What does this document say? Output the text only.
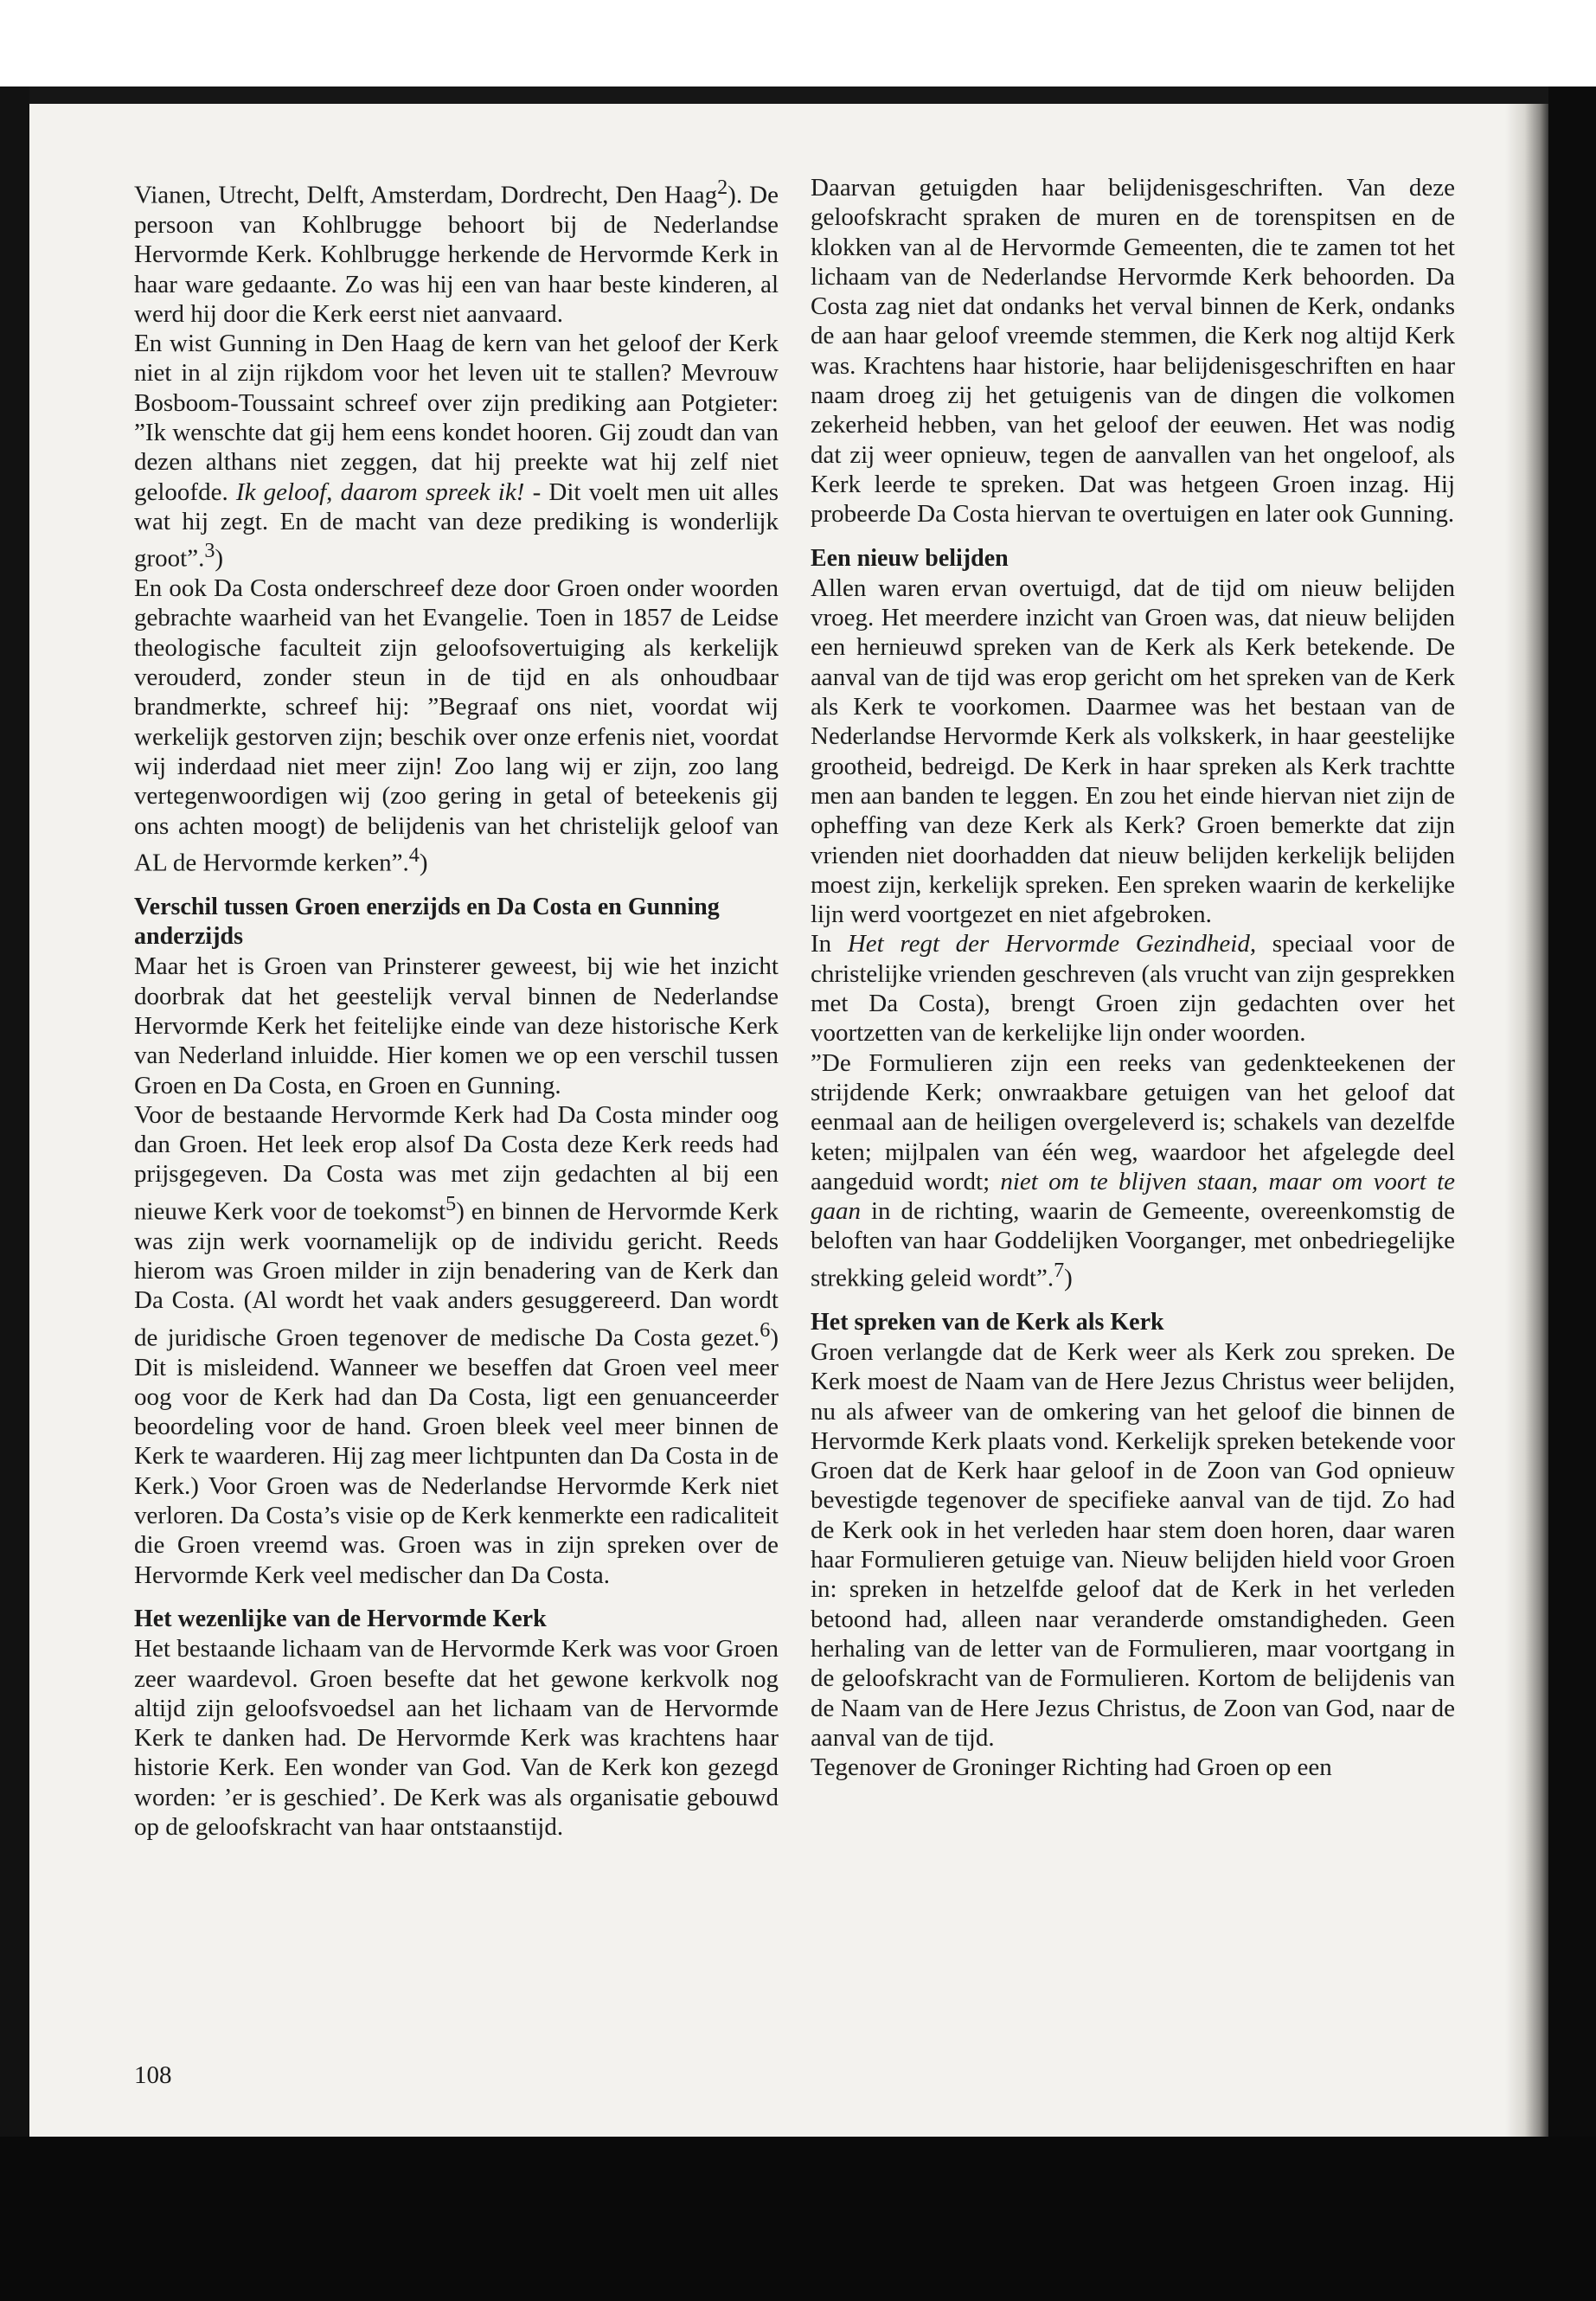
Vianen, Utrecht, Delft, Amsterdam, Dordrecht, Den Haag$^2$). De persoon van Kohlbrugge behoort bij de Nederlandse Hervormde Kerk. Kohlbrugge herkende de Hervormde Kerk in haar ware gedaante. Zo was hij een van haar beste kinderen, al werd hij door die Kerk eerst niet aanvaard.

En wist Gunning in Den Haag de kern van het geloof der Kerk niet in al zijn rijkdom voor het leven uit te stallen? Mevrouw Bosboom-Toussaint schreef over zijn prediking aan Potgieter: ”Ik wenschte dat gij hem eens kondet hooren. Gij zoudt dan van dezen althans niet zeggen, dat hij preekte wat hij zelf niet geloofde. Ik geloof, daarom spreek ik! - Dit voelt men uit alles wat hij zegt. En de macht van deze prediking is wonderlijk groot”.$^3$)

En ook Da Costa onderschreef deze door Groen onder woorden gebrachte waarheid van het Evangelie. Toen in 1857 de Leidse theologische faculteit zijn geloofsovertuiging als kerkelijk verouderd, zonder steun in de tijd en als onhoudbaar brandmerkte, schreef hij: ”Begraaf ons niet, voordat wij werkelijk gestorven zijn; beschik over onze erfenis niet, voordat wij inderdaad niet meer zijn! Zoo lang wij er zijn, zoo lang vertegenwoordigen wij (zoo gering in getal of beteekenis gij ons achten moogt) de belijdenis van het christelijk geloof van AL de Hervormde kerken”.$^4$)

Verschil tussen Groen enerzijds en Da Costa en Gunning anderzijds

Maar het is Groen van Prinsterer geweest, bij wie het inzicht doorbrak dat het geestelijk verval binnen de Nederlandse Hervormde Kerk het feitelijke einde van deze historische Kerk van Nederland inluidde. Hier komen we op een verschil tussen Groen en Da Costa, en Groen en Gunning.

Voor de bestaande Hervormde Kerk had Da Costa minder oog dan Groen. Het leek erop alsof Da Costa deze Kerk reeds had prijsgegeven. Da Costa was met zijn gedachten al bij een nieuwe Kerk voor de toekomst$^5$) en binnen de Hervormde Kerk was zijn werk voornamelijk op de individu gericht. Reeds hierom was Groen milder in zijn benadering van de Kerk dan Da Costa. (Al wordt het vaak anders gesuggereerd. Dan wordt de juridische Groen tegenover de medische Da Costa gezet.$^6$) Dit is misleidend. Wanneer we beseffen dat Groen veel meer oog voor de Kerk had dan Da Costa, ligt een genuanceerder beoordeling voor de hand. Groen bleek veel meer binnen de Kerk te waarderen. Hij zag meer lichtpunten dan Da Costa in de Kerk.) Voor Groen was de Nederlandse Hervormde Kerk niet verloren. Da Costa’s visie op de Kerk kenmerkte een radicaliteit die Groen vreemd was. Groen was in zijn spreken over de Hervormde Kerk veel medischer dan Da Costa.

Het wezenlijke van de Hervormde Kerk

Het bestaande lichaam van de Hervormde Kerk was voor Groen zeer waardevol. Groen besefte dat het gewone kerkvolk nog altijd zijn geloofsvoedsel aan het lichaam van de Hervormde Kerk te danken had. De Hervormde Kerk was krachtens haar historie Kerk. Een wonder van God. Van de Kerk kon gezegd worden: ’er is geschied’. De Kerk was als organisatie gebouwd op de geloofskracht van haar ontstaanstijd.

Daarvan getuigden haar belijdenisgeschriften. Van deze geloofskracht spraken de muren en de torenspitsen en de klokken van al de Hervormde Gemeenten, die te zamen tot het lichaam van de Nederlandse Hervormde Kerk behoorden. Da Costa zag niet dat ondanks het verval binnen de Kerk, ondanks de aan haar geloof vreemde stemmen, die Kerk nog altijd Kerk was. Krachtens haar historie, haar belijdenisgeschriften en haar naam droeg zij het getuigenis van de dingen die volkomen zekerheid hebben, van het geloof der eeuwen. Het was nodig dat zij weer opnieuw, tegen de aanvallen van het ongeloof, als Kerk leerde te spreken. Dat was hetgeen Groen inzag. Hij probeerde Da Costa hiervan te overtuigen en later ook Gunning.

Een nieuw belijden

Allen waren ervan overtuigd, dat de tijd om nieuw belijden vroeg. Het meerdere inzicht van Groen was, dat nieuw belijden een hernieuwd spreken van de Kerk als Kerk betekende. De aanval van de tijd was erop gericht om het spreken van de Kerk als Kerk te voorkomen. Daarmee was het bestaan van de Nederlandse Hervormde Kerk als volkskerk, in haar geestelijke grootheid, bedreigd. De Kerk in haar spreken als Kerk trachtte men aan banden te leggen. En zou het einde hiervan niet zijn de opheffing van deze Kerk als Kerk? Groen bemerkte dat zijn vrienden niet doorhadden dat nieuw belijden kerkelijk belijden moest zijn, kerkelijk spreken. Een spreken waarin de kerkelijke lijn werd voortgezet en niet afgebroken.

In Het regt der Hervormde Gezindheid, speciaal voor de christelijke vrienden geschreven (als vrucht van zijn gesprekken met Da Costa), brengt Groen zijn gedachten over het voortzetten van de kerkelijke lijn onder woorden.

”De Formulieren zijn een reeks van gedenkteekenen der strijdende Kerk; onwraakbare getuigen van het geloof dat eenmaal aan de heiligen overgeleverd is; schakels van dezelfde keten; mijlpalen van één weg, waardoor het afgelegde deel aangeduid wordt; niet om te blijven staan, maar om voort te gaan in de richting, waarin de Gemeente, overeenkomstig de beloften van haar Goddelijken Voorganger, met onbedriegelijke strekking geleid wordt”.$^7$)

Het spreken van de Kerk als Kerk

Groen verlangde dat de Kerk weer als Kerk zou spreken. De Kerk moest de Naam van de Here Jezus Christus weer belijden, nu als afweer van de omkering van het geloof die binnen de Hervormde Kerk plaats vond. Kerkelijk spreken betekende voor Groen dat de Kerk haar geloof in de Zoon van God opnieuw bevestigde tegenover de specifieke aanval van de tijd. Zo had de Kerk ook in het verleden haar stem doen horen, daar waren haar Formulieren getuige van. Nieuw belijden hield voor Groen in: spreken in hetzelfde geloof dat de Kerk in het verleden betoond had, alleen naar veranderde omstandigheden. Geen herhaling van de letter van de Formulieren, maar voortgang in de geloofskracht van de Formulieren. Kortom de belijdenis van de Naam van de Here Jezus Christus, de Zoon van God, naar de aanval van de tijd.

Tegenover de Groninger Richting had Groen op een

108
